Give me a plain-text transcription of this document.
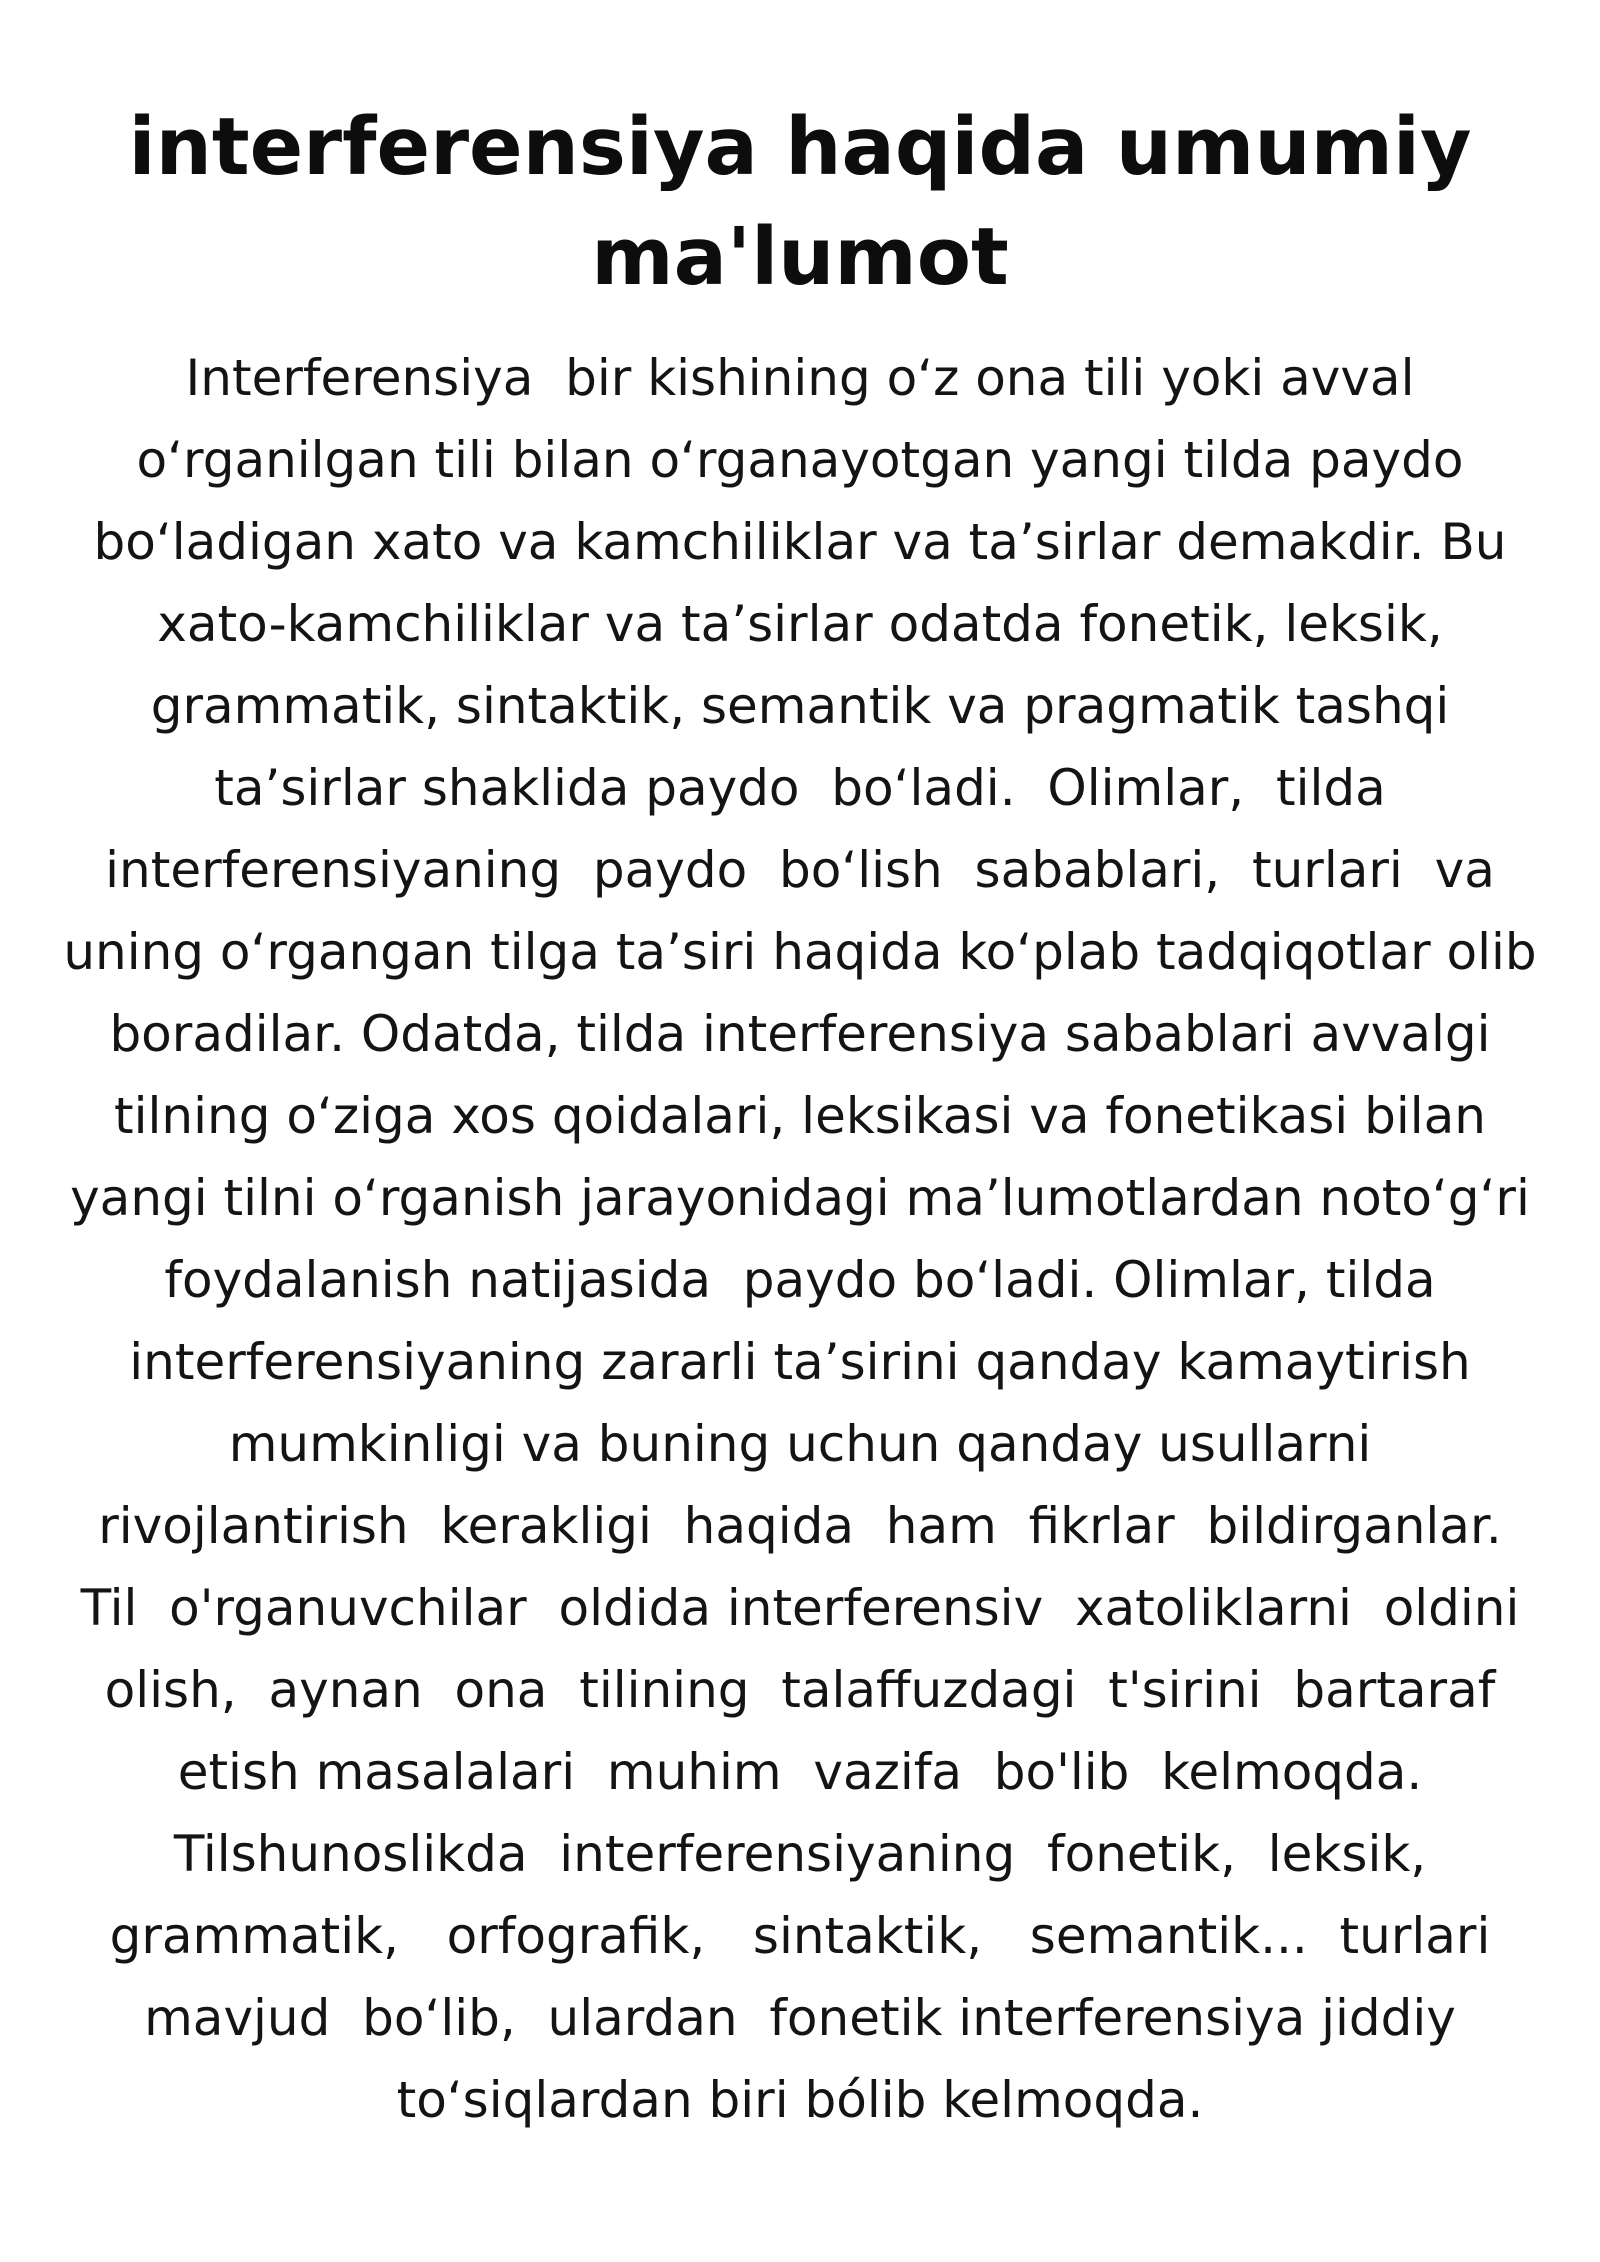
interferensiya haqida umumiy
ma'lumot
Interferensiya  bir kishining oʻz ona tili yoki avval
oʻrganilgan tili bilan oʻrganayotgan yangi tilda paydo
boʻladigan xato va kamchiliklar va taʼsirlar demakdir. Bu
xato-kamchiliklar va taʼsirlar odatda fonetik, leksik,
grammatik, sintaktik, semantik va pragmatik tashqi
taʼsirlar shaklida paydo  boʻladi.  Olimlar,  tilda
interferensiyaning  paydo  boʻlish  sabablari,  turlari  va
uning oʻrgangan tilga taʼsiri haqida koʻplab tadqiqotlar olib
boradilar. Odatda, tilda interferensiya sabablari avvalgi
tilning oʻziga xos qoidalari, leksikasi va fonetikasi bilan
yangi tilni oʻrganish jarayonidagi maʼlumotlardan notoʻgʻri
foydalanish natijasida  paydo boʻladi. Olimlar, tilda
interferensiyaning zararli taʼsirini qanday kamaytirish
mumkinligi va buning uchun qanday usullarni
rivojlantirish  kerakligi  haqida  ham  fikrlar  bildirganlar.
Til  o'rganuvchilar  oldida interferensiv  xatoliklarni  oldini
olish,  aynan  ona  tilining  talaffuzdagi  t'sirini  bartaraf
etish masalalari  muhim  vazifa  bo'lib  kelmoqda.
Tilshunoslikda  interferensiyaning  fonetik,  leksik,
grammatik,   orfografik,   sintaktik,   semantik...  turlari
mavjud  boʻlib,  ulardan  fonetik interferensiya jiddiy
toʻsiqlardan biri bólib kelmoqda.
